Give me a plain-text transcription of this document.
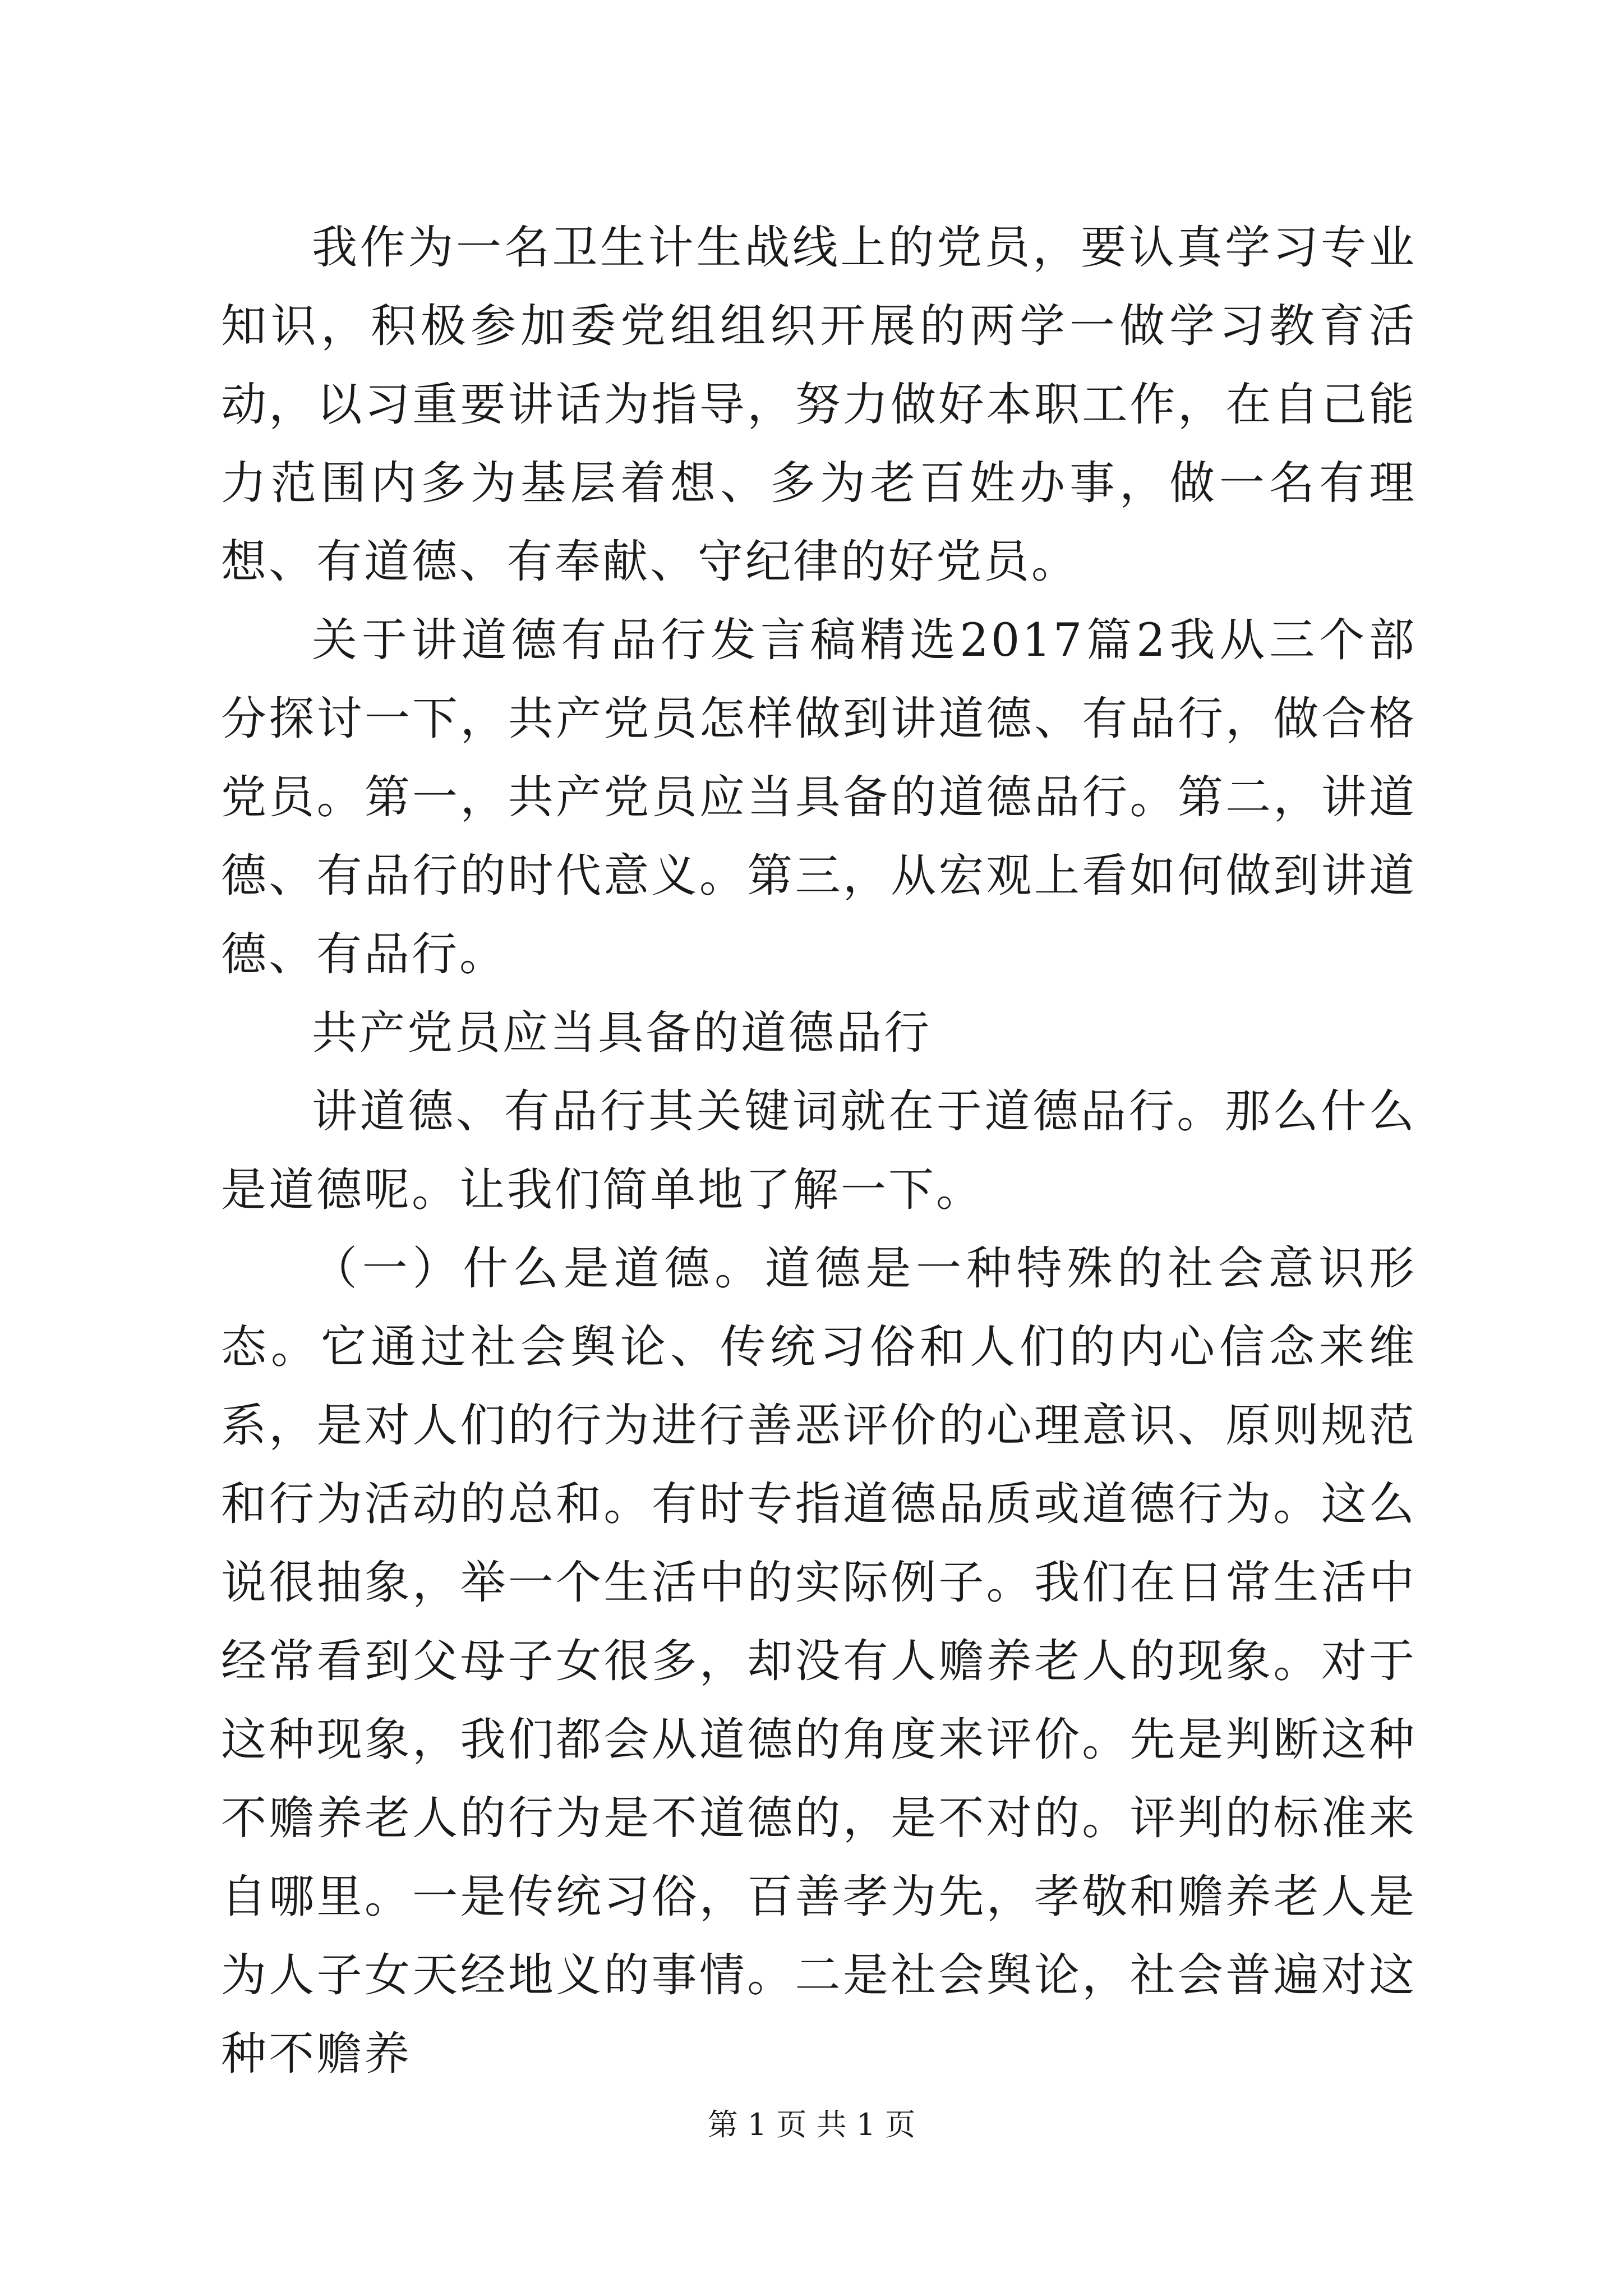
我作为一名卫生计生战线上的党员，要认真学习专业知识，积极参加委党组组织开展的两学一做学习教育活动，以习重要讲话为指导，努力做好本职工作，在自己能力范围内多为基层着想、多为老百姓办事，做一名有理想、有道德、有奉献、守纪律的好党员。

关于讲道德有品行发言稿精选2017篇2我从三个部分探讨一下，共产党员怎样做到讲道德、有品行，做合格党员。第一，共产党员应当具备的道德品行。第二，讲道德、有品行的时代意义。第三，从宏观上看如何做到讲道德、有品行。

共产党员应当具备的道德品行

讲道德、有品行其关键词就在于道德品行。那么什么是道德呢。让我们简单地了解一下。

（一）什么是道德。道德是一种特殊的社会意识形态。它通过社会舆论、传统习俗和人们的内心信念来维系，是对人们的行为进行善恶评价的心理意识、原则规范和行为活动的总和。有时专指道德品质或道德行为。这么说很抽象，举一个生活中的实际例子。我们在日常生活中经常看到父母子女很多，却没有人赡养老人的现象。对于这种现象，我们都会从道德的角度来评价。先是判断这种不赡养老人的行为是不道德的，是不对的。评判的标准来自哪里。一是传统习俗，百善孝为先，孝敬和赡养老人是为人子女天经地义的事情。二是社会舆论，社会普遍对这种不赡养

第 1 页 共 1 页
